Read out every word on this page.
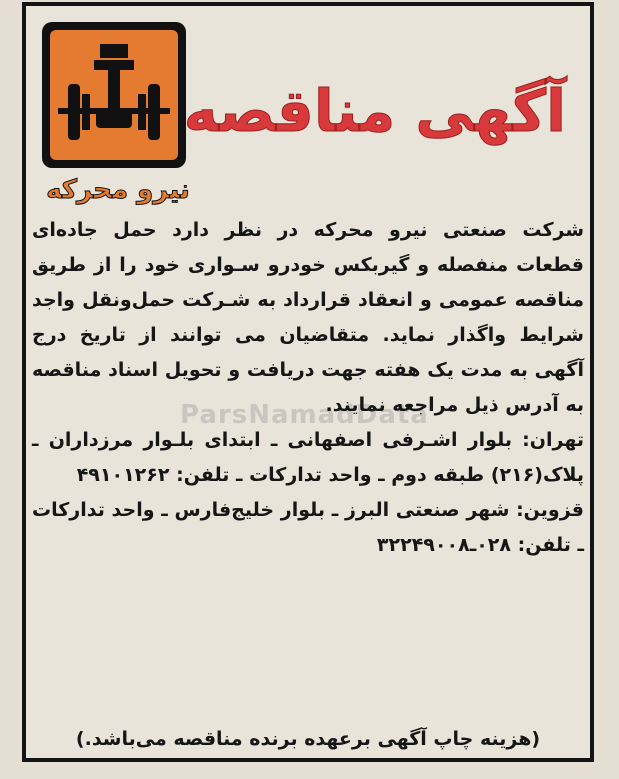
نیرو محرکه
آگهی مناقصه
ParsNamadData

شرکت صنعتی نیرو محرکه در نظر دارد حمل جاده‌ای قطعات منفصله و گیربکس خودرو سـواری خود را از طریق مناقصه عمومی و انعقاد قرارداد به شـرکت حمل‌ونقل واجد شرایط واگذار نماید. متقاضیان می توانند از تاریخ درج آگهی به مدت یک هفته جهت دریافت و تحویل اسناد مناقصه به آدرس ذیل مراجعه نمایند.

تهران: بلوار اشـرفی اصفهانی ـ ابتدای بلـوار مرزداران ـ پلاک(۲۱۶) طبقه دوم ـ واحد تدارکات ـ تلفن: ۴۹۱۰۱۲۶۲

قزوین: شهر صنعتی البرز ـ بلوار خلیج‌فارس ـ واحد تدارکات ـ تلفن: ۰۲۸ـ۳۲۲۴۹۰۰۸

(هزینه چاپ آگهی برعهده برنده مناقصه می‌باشد.)
